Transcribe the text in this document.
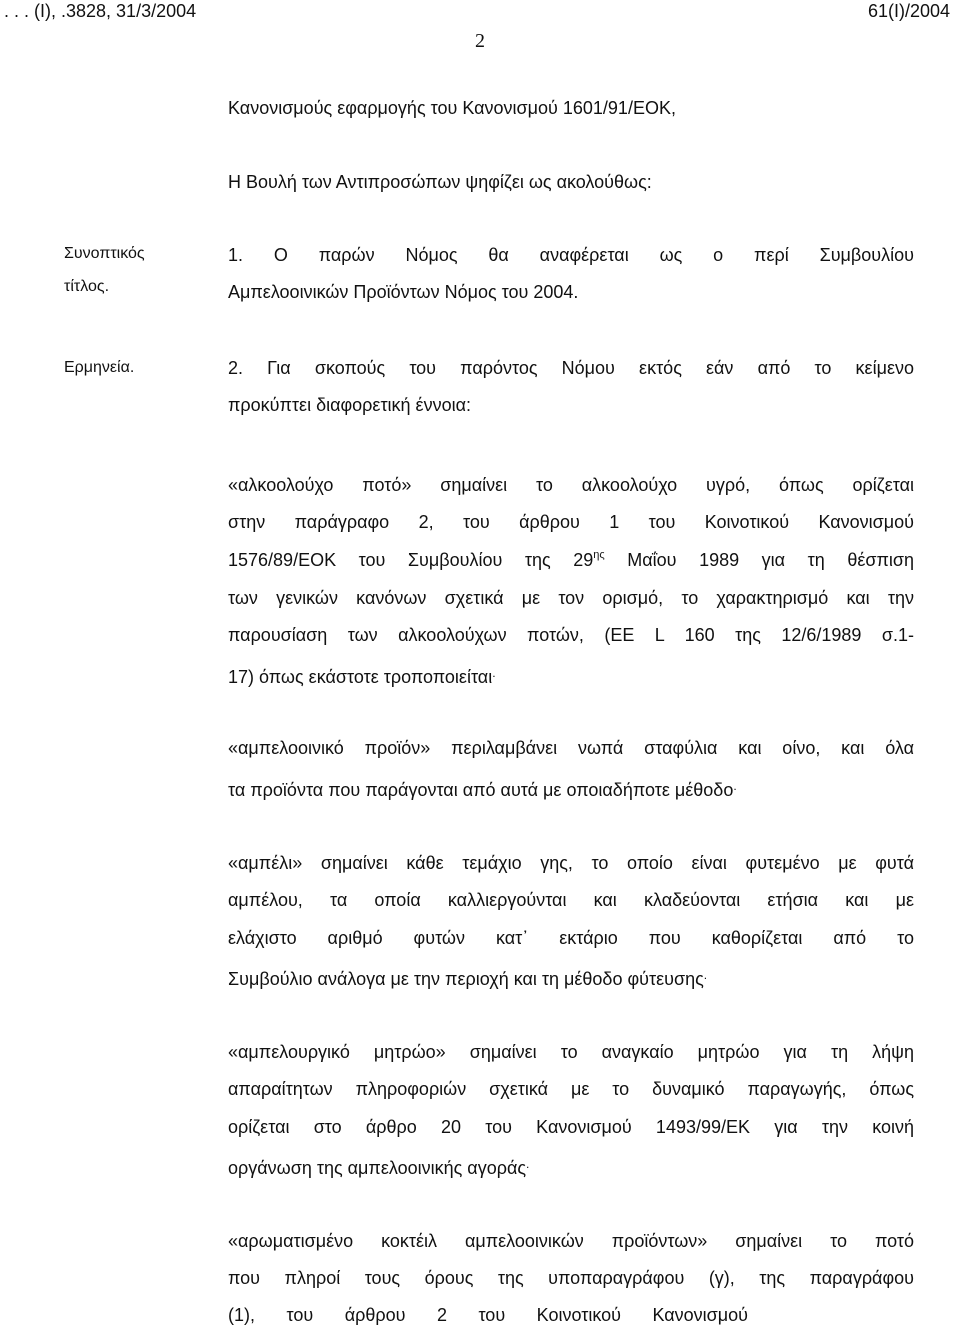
. . . (Ι), .3828, 31/3/2004	61(Ι)/2004
2
Κανονισμούς εφαρμογής του Κανονισμού 1601/91/ΕΟΚ,
Η Βουλή των Αντιπροσώπων ψηφίζει ως ακολούθως:
Συνοπτικός
τίτλος.
1. Ο παρών Νόμος θα αναφέρεται ως ο περί Συμβουλίου
Αμπελοοινικών Προϊόντων Νόμος του 2004.
Ερμηνεία.	2. Για σκοπούς του παρόντος Νόμου εκτός εάν από το κείμενο
προκύπτει διαφορετική έννοια:
«αλκοολούχο ποτό» σημαίνει το αλκοολούχο υγρό, όπως ορίζεται
στην παράγραφο 2, του άρθρου 1 του Κοινοτικού Κανονισμού
1576/89/ΕΟΚ του Συμβουλίου της $29^{\eta\varsigma}$ Μαΐου 1989 για τη θέσπιση
των γενικών κανόνων σχετικά με τον ορισμό, το χαρακτηρισμό και την
παρουσίαση των αλκοολούχων ποτών, (ΕΕ L 160 της 12/6/1989 σ.1-
17) όπως εκάστοτε τροποποιείται.
«αμπελοοινικό προϊόν» περιλαμβάνει νωπά σταφύλια και οίνο, και όλα
τα προϊόντα που παράγονται από αυτά με οποιαδήποτε μέθοδο.
«αμπέλι» σημαίνει κάθε τεμάχιο γης, το οποίο είναι φυτεμένο με φυτά
αμπέλου, τα οποία καλλιεργούνται και κλαδεύονται ετήσια και με
ελάχιστο αριθμό φυτών κατ᾽ εκτάριο που καθορίζεται από το
Συμβούλιο ανάλογα με την περιοχή και τη μέθοδο φύτευσης.
«αμπελουργικό μητρώο» σημαίνει το αναγκαίο μητρώο για τη λήψη
απαραίτητων πληροφοριών σχετικά με το δυναμικό παραγωγής, όπως
ορίζεται στο άρθρο 20 του Κανονισμού 1493/99/ΕΚ για την κοινή
οργάνωση της αμπελοοινικής αγοράς.
«αρωματισμένο κοκτέιλ αμπελοοινικών προϊόντων» σημαίνει το ποτό
που πληροί τους όρους της υποπαραγράφου (γ), της παραγράφου
(1), του άρθρου 2 του Κοινοτικού Κανονισμού
